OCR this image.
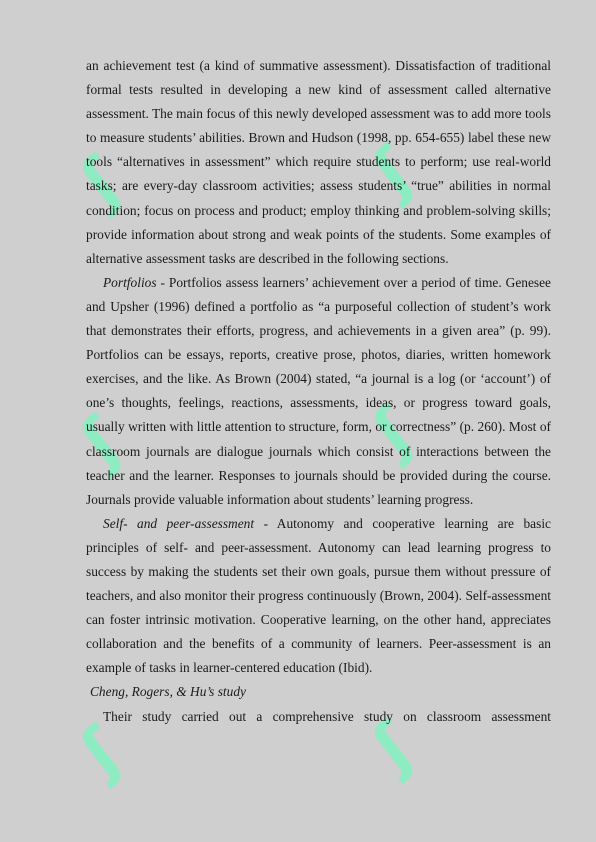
ʃ	ʃ
ʃ	ʃ
ʃ	ʃ

an achievement test (a kind of summative assessment). Dissatisfaction of traditional formal tests resulted in developing a new kind of assessment called alternative assessment. The main focus of this newly developed assessment was to add more tools to measure students’ abilities. Brown and Hudson (1998, pp. 654-655) label these new tools “alternatives in assessment” which require students to perform; use real-world tasks; are every-day classroom activities; assess students’ “true” abilities in normal condition; focus on process and product; employ thinking and problem-solving skills; provide information about strong and weak points of the students. Some examples of alternative assessment tasks are described in the following sections.

Portfolios - Portfolios assess learners’ achievement over a period of time. Genesee and Upsher (1996) defined a portfolio as “a purposeful collection of student’s work that demonstrates their efforts, progress, and achievements in a given area” (p. 99). Portfolios can be essays, reports, creative prose, photos, diaries, written homework exercises, and the like. As Brown (2004) stated, “a journal is a log (or ‘account’) of one’s thoughts, feelings, reactions, assessments, ideas, or progress toward goals, usually written with little attention to structure, form, or correctness” (p. 260). Most of classroom journals are dialogue journals which consist of interactions between the teacher and the learner. Responses to journals should be provided during the course. Journals provide valuable information about students’ learning progress.

Self- and peer-assessment - Autonomy and cooperative learning are basic principles of self- and peer-assessment. Autonomy can lead learning progress to success by making the students set their own goals, pursue them without pressure of teachers, and also monitor their progress continuously (Brown, 2004). Self-assessment can foster intrinsic motivation. Cooperative learning, on the other hand, appreciates collaboration and the benefits of a community of learners. Peer-assessment is an example of tasks in learner-centered education (Ibid).

Cheng, Rogers, & Hu’s study

Their study carried out a comprehensive study on classroom assessment
